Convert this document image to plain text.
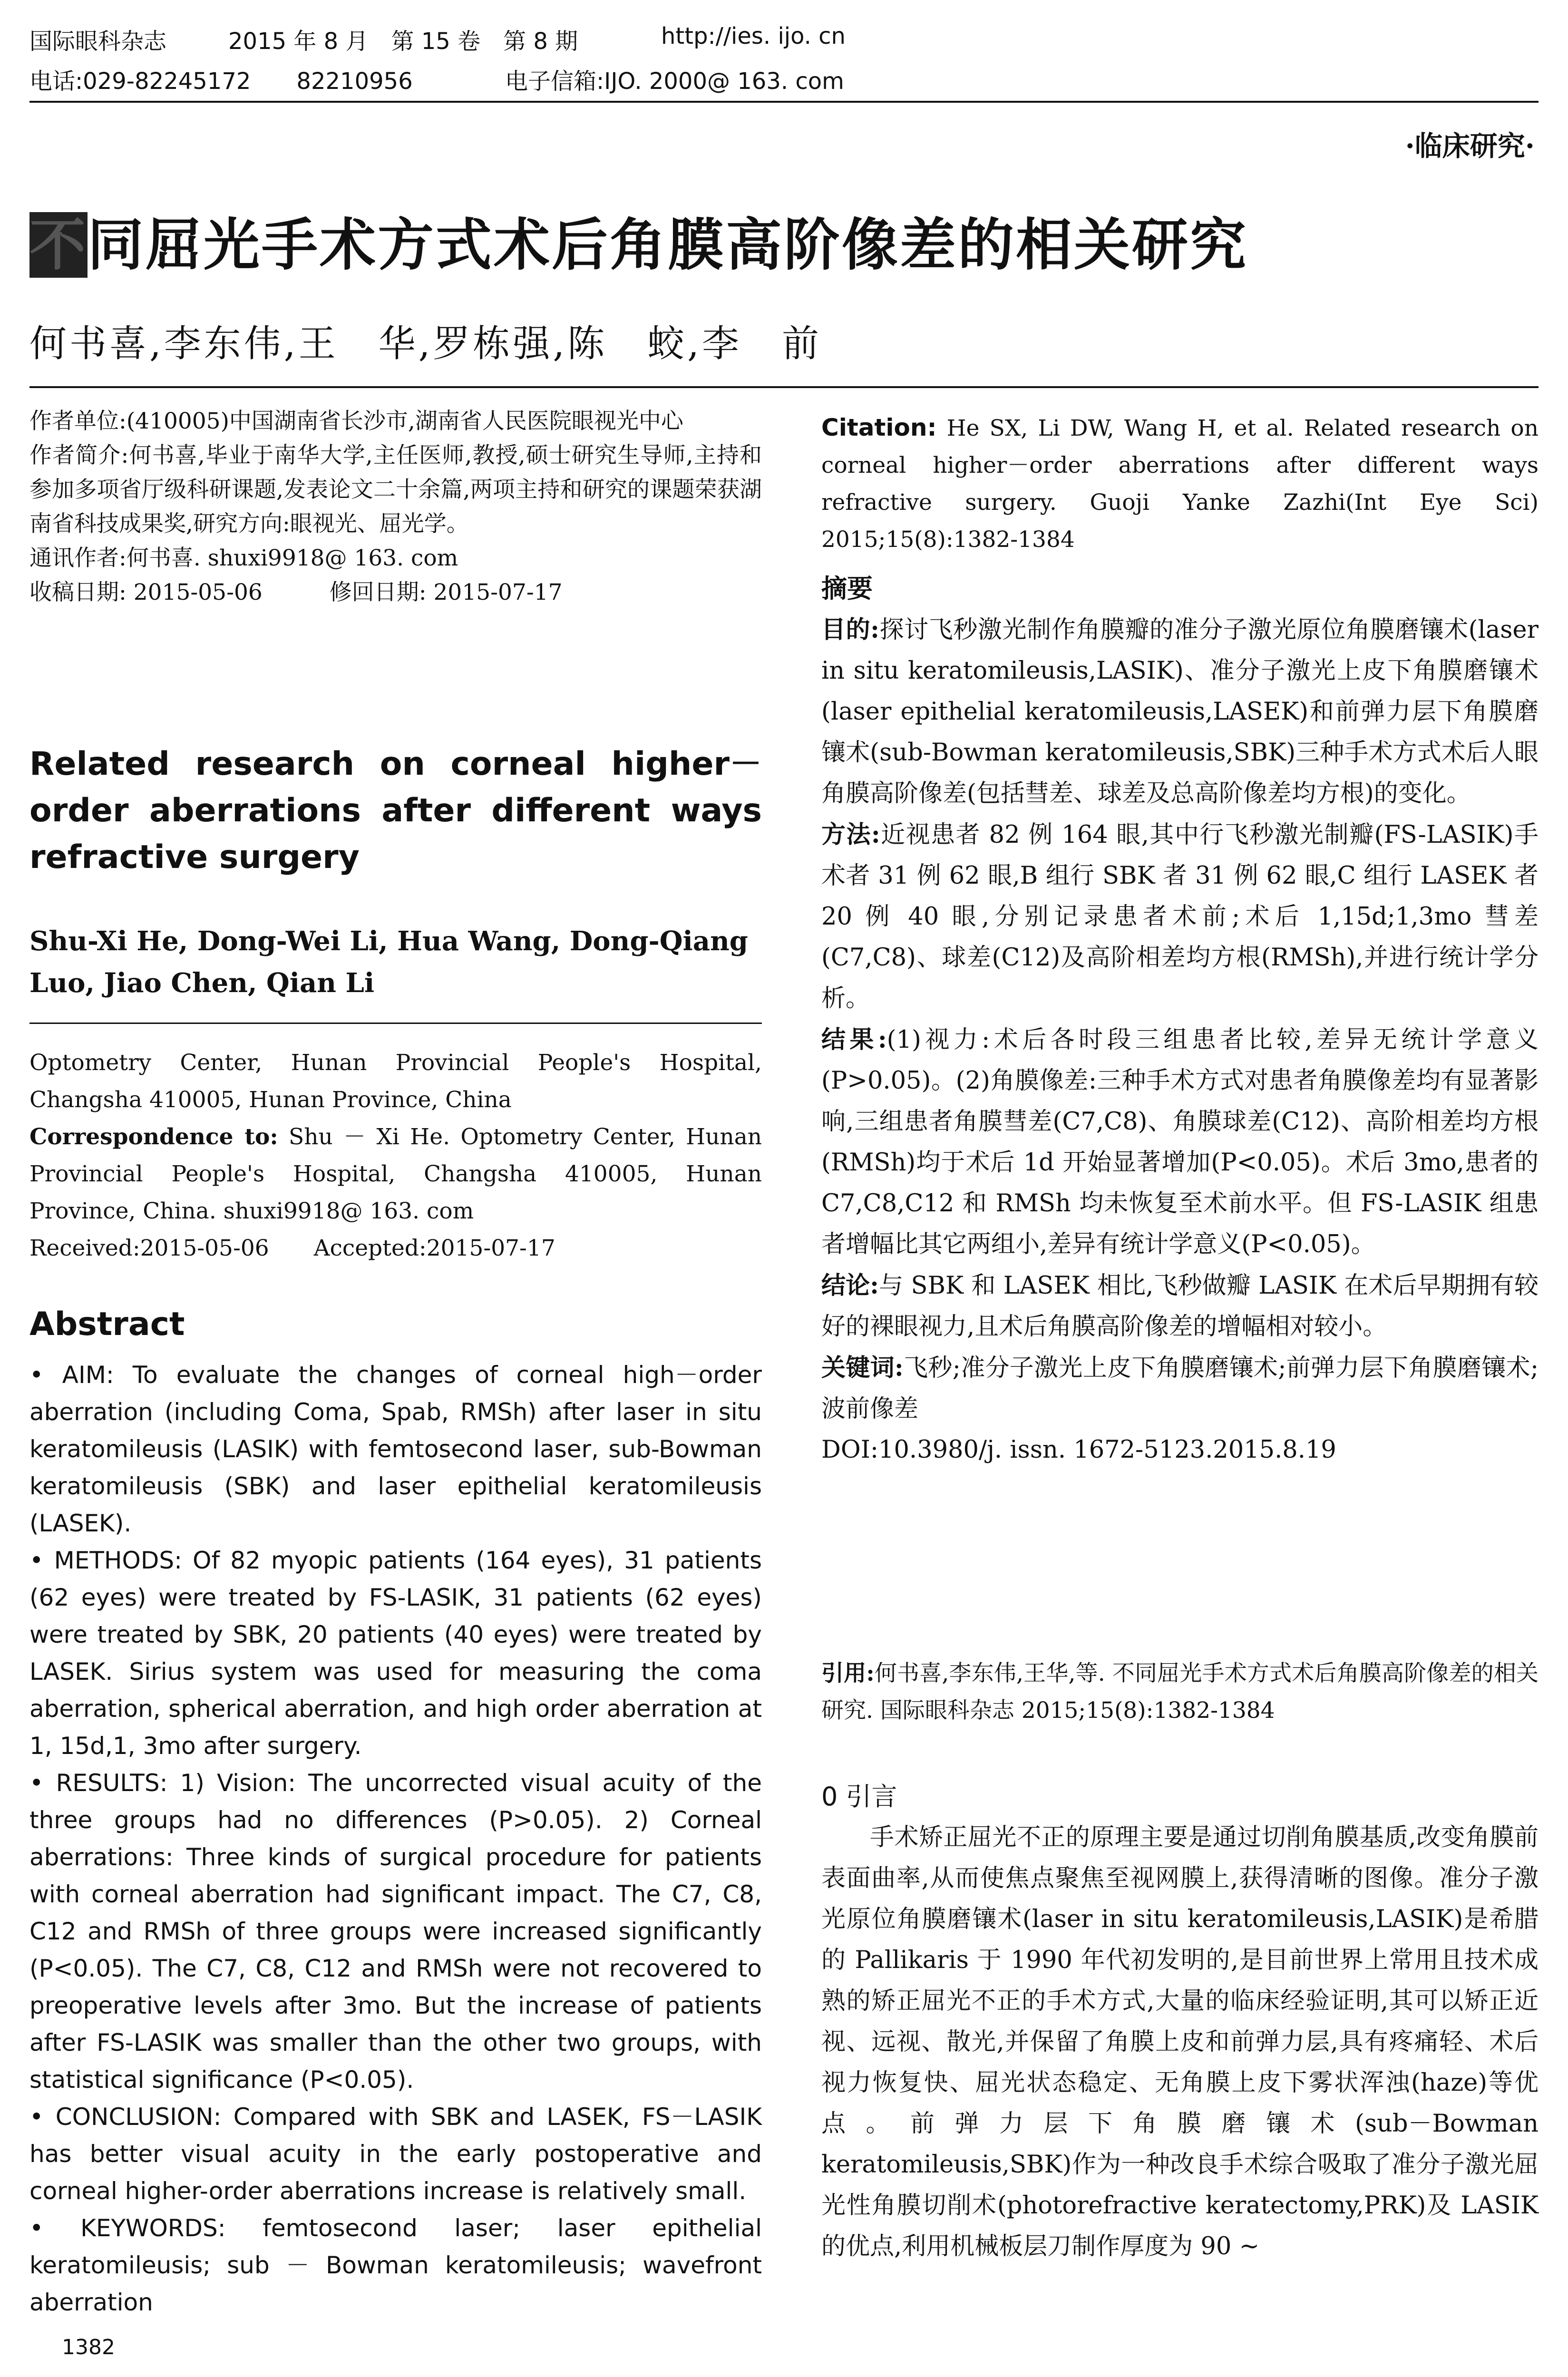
国际眼科杂志	2015 年 8 月　第 15 卷　第 8 期	http://ies. ijo. cn
电话:029-82245172　　82210956	电子信箱:IJO. 2000@ 163. com
·临床研究·
不同屈光手术方式术后角膜高阶像差的相关研究
何书喜,李东伟,王　华,罗栋强,陈　蛟,李　前

作者单位:(410005)中国湖南省长沙市,湖南省人民医院眼视光中心

作者简介:何书喜,毕业于南华大学,主任医师,教授,硕士研究生导师,主持和参加多项省厅级科研课题,发表论文二十余篇,两项主持和研究的课题荣获湖南省科技成果奖,研究方向:眼视光、屈光学。

通讯作者:何书喜. shuxi9918@ 163. com

收稿日期: 2015-05-06　　　修回日期: 2015-07-17

Related research on corneal higher－order aberrations after different ways refractive surgery
Shu-Xi He, Dong-Wei Li, Hua Wang, Dong-Qiang Luo, Jiao Chen, Qian Li

Optometry Center, Hunan Provincial People's Hospital, Changsha 410005, Hunan Province, China

Correspondence to: Shu － Xi He. Optometry Center, Hunan Provincial People's Hospital, Changsha 410005, Hunan Province, China. shuxi9918@ 163. com

Received:2015-05-06　　Accepted:2015-07-17

Abstract

• AIM: To evaluate the changes of corneal high－order aberration (including Coma, Spab, RMSh) after laser in situ keratomileusis (LASIK) with femtosecond laser, sub-Bowman keratomileusis (SBK) and laser epithelial keratomileusis (LASEK).

• METHODS: Of 82 myopic patients (164 eyes), 31 patients (62 eyes) were treated by FS-LASIK, 31 patients (62 eyes) were treated by SBK, 20 patients (40 eyes) were treated by LASEK. Sirius system was used for measuring the coma aberration, spherical aberration, and high order aberration at 1, 15d,1, 3mo after surgery.

• RESULTS: 1) Vision: The uncorrected visual acuity of the three groups had no differences (P>0.05). 2) Corneal aberrations: Three kinds of surgical procedure for patients with corneal aberration had significant impact. The C7, C8, C12 and RMSh of three groups were increased significantly (P<0.05). The C7, C8, C12 and RMSh were not recovered to preoperative levels after 3mo. But the increase of patients after FS-LASIK was smaller than the other two groups, with statistical significance (P<0.05).

• CONCLUSION: Compared with SBK and LASEK, FS－LASIK has better visual acuity in the early postoperative and corneal higher-order aberrations increase is relatively small.

• KEYWORDS: femtosecond laser; laser epithelial keratomileusis; sub － Bowman keratomileusis; wavefront aberration

1382

Citation: He SX, Li DW, Wang H, et al. Related research on corneal higher－order aberrations after different ways refractive surgery. Guoji Yanke Zazhi(Int Eye Sci) 2015;15(8):1382-1384

摘要

目的:探讨飞秒激光制作角膜瓣的准分子激光原位角膜磨镶术(laser in situ keratomileusis,LASIK)、准分子激光上皮下角膜磨镶术(laser epithelial keratomileusis,LASEK)和前弹力层下角膜磨镶术(sub-Bowman keratomileusis,SBK)三种手术方式术后人眼角膜高阶像差(包括彗差、球差及总高阶像差均方根)的变化。

方法:近视患者 82 例 164 眼,其中行飞秒激光制瓣(FS-LASIK)手术者 31 例 62 眼,B 组行 SBK 者 31 例 62 眼,C 组行 LASEK 者 20 例 40 眼,分别记录患者术前;术后 1,15d;1,3mo 彗差(C7,C8)、球差(C12)及高阶相差均方根(RMSh),并进行统计学分析。

结果:(1)视力:术后各时段三组患者比较,差异无统计学意义(P>0.05)。(2)角膜像差:三种手术方式对患者角膜像差均有显著影响,三组患者角膜彗差(C7,C8)、角膜球差(C12)、高阶相差均方根(RMSh)均于术后 1d 开始显著增加(P<0.05)。术后 3mo,患者的 C7,C8,C12 和 RMSh 均未恢复至术前水平。但 FS-LASIK 组患者增幅比其它两组小,差异有统计学意义(P<0.05)。

结论:与 SBK 和 LASEK 相比,飞秒做瓣 LASIK 在术后早期拥有较好的裸眼视力,且术后角膜高阶像差的增幅相对较小。

关键词:飞秒;准分子激光上皮下角膜磨镶术;前弹力层下角膜磨镶术;波前像差

DOI:10.3980/j. issn. 1672-5123.2015.8.19

引用:何书喜,李东伟,王华,等. 不同屈光手术方式术后角膜高阶像差的相关研究. 国际眼科杂志 2015;15(8):1382-1384

0 引言

手术矫正屈光不正的原理主要是通过切削角膜基质,改变角膜前表面曲率,从而使焦点聚焦至视网膜上,获得清晰的图像。准分子激光原位角膜磨镶术(laser in situ keratomileusis,LASIK)是希腊的 Pallikaris 于 1990 年代初发明的,是目前世界上常用且技术成熟的矫正屈光不正的手术方式,大量的临床经验证明,其可以矫正近视、远视、散光,并保留了角膜上皮和前弹力层,具有疼痛轻、术后视力恢复快、屈光状态稳定、无角膜上皮下雾状浑浊(haze)等优点。前弹力层下角膜磨镶术(sub－Bowman keratomileusis,SBK)作为一种改良手术综合吸取了准分子激光屈光性角膜切削术(photorefractive keratectomy,PRK)及 LASIK 的优点,利用机械板层刀制作厚度为 90 ~
